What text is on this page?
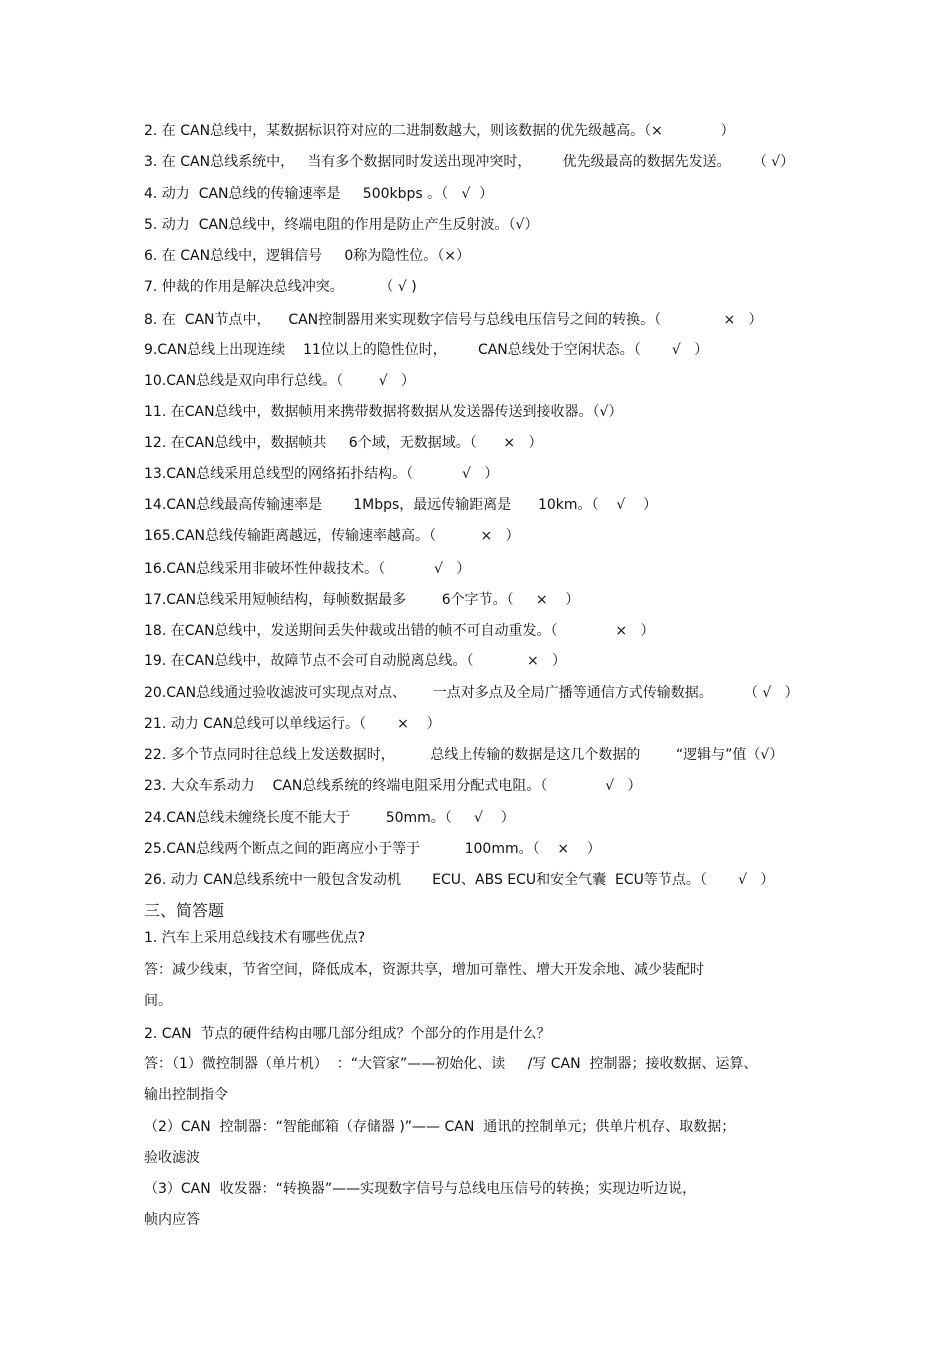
2. 在 CAN总线中，某数据标识符对应的二进制数越大，则该数据的优先级越高。（×             ）
3. 在 CAN总线系统中，   当有多个数据同时发送出现冲突时，       优先级最高的数据先发送。     （ √）
4. 动力  CAN总线的传输速率是     500kbps 。（   √  ）
5. 动力  CAN总线中，终端电阻的作用是防止产生反射波。（√）
6. 在 CAN总线中，逻辑信号     0称为隐性位。（×）
7. 仲裁的作用是解决总线冲突。        （ √ )
8. 在  CAN节点中，    CAN控制器用来实现数字信号与总线电压信号之间的转换。（              ×   ）
9.CAN总线上出现连续    11位以上的隐性位时，       CAN总线处于空闲状态。（       √   ）
10.CAN总线是双向串行总线。（        √   ）
11. 在CAN总线中，数据帧用来携带数据将数据从发送器传送到接收器。（√）
12. 在CAN总线中，数据帧共     6个域，无数据域。（      ×   ）
13.CAN总线采用总线型的网络拓扑结构。（           √   ）
14.CAN总线最高传输速率是       1Mbps，最远传输距离是      10km。（    √    ）
165.CAN总线传输距离越远，传输速率越高。（          ×   ）
16.CAN总线采用非破坏性仲裁技术。（           √   ）
17.CAN总线采用短帧结构，每帧数据最多        6个字节。（     ×    ）
18. 在CAN总线中，发送期间丢失仲裁或出错的帧不可自动重发。（             ×   ）
19. 在CAN总线中，故障节点不会可自动脱离总线。（            ×   ）
20.CAN总线通过验收滤波可实现点对点、      一点对多点及全局广播等通信方式传输数据。       （ √   ）
21. 动力 CAN总线可以单线运行。（       ×    ）
22. 多个节点同时往总线上发送数据时，        总线上传输的数据是这几个数据的        “逻辑与”值（√）
23. 大众车系动力    CAN总线系统的终端电阻采用分配式电阻。（             √   ）
24.CAN总线未缠绕长度不能大于        50mm。（     √    ）
25.CAN总线两个断点之间的距离应小于等于          100mm。（    ×    ）
26. 动力 CAN总线系统中一般包含发动机       ECU、ABS ECU和安全气囊  ECU等节点。（       √   ）
三、简答题
1. 汽车上采用总线技术有哪些优点?
答：减少线束，节省空间，降低成本，资源共享，增加可靠性、增大开发余地、减少装配时
间。
2. CAN  节点的硬件结构由哪几部分组成？个部分的作用是什么？
答：（1）微控制器（单片机）  ：“大管家”——初始化、读     /写 CAN  控制器；接收数据、运算、
输出控制指令
（2）CAN  控制器：“智能邮箱（存储器 )”—— CAN  通讯的控制单元；供单片机存、取数据；
验收滤波
（3）CAN  收发器：“转换器”——实现数字信号与总线电压信号的转换；实现边听边说，
帧内应答
